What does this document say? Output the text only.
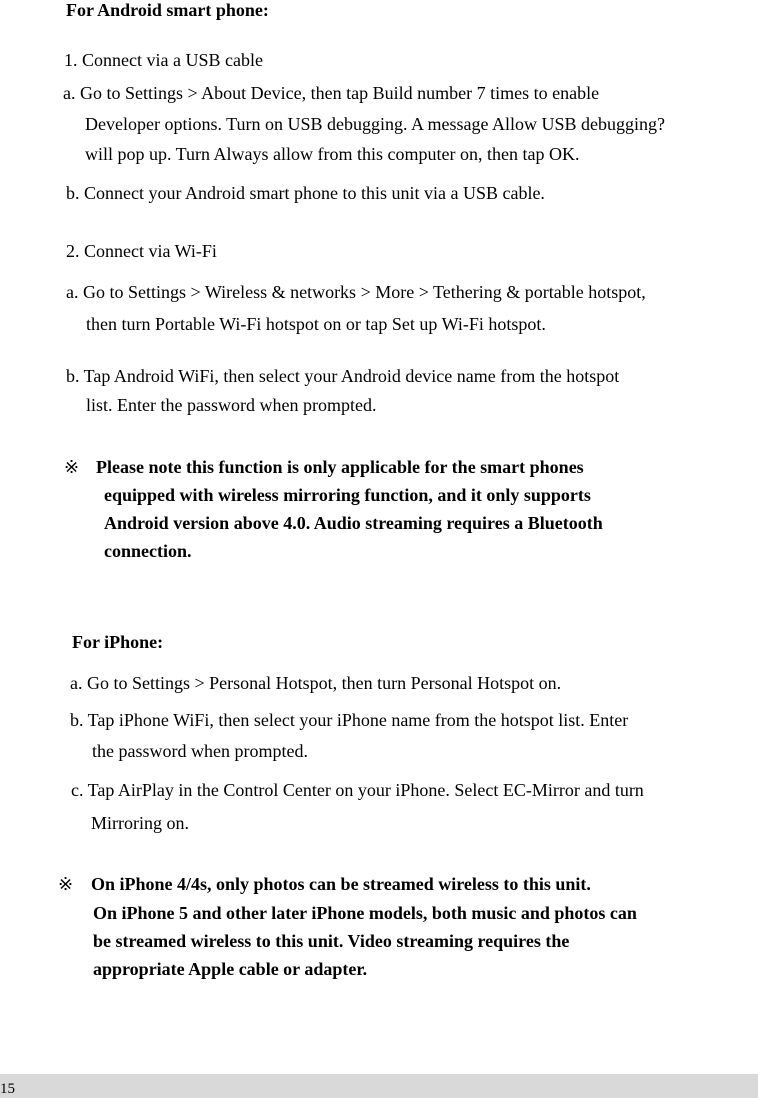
For Android smart phone:
1. Connect via a USB cable
a. Go to Settings > About Device, then tap Build number 7 times to enable
Developer options. Turn on USB debugging. A message Allow USB debugging?
will pop up. Turn Always allow from this computer on, then tap OK.
b. Connect your Android smart phone to this unit via a USB cable.
2. Connect via Wi-Fi
a. Go to Settings > Wireless & networks > More > Tethering & portable hotspot,
then turn Portable Wi-Fi hotspot on or tap Set up Wi-Fi hotspot.
b. Tap Android WiFi, then select your Android device name from the hotspot
list. Enter the password when prompted.
※ Please note this function is only applicable for the smart phones
equipped with wireless mirroring function, and it only supports
Android version above 4.0. Audio streaming requires a Bluetooth
connection.
For iPhone:
a. Go to Settings > Personal Hotspot, then turn Personal Hotspot on.
b. Tap iPhone WiFi, then select your iPhone name from the hotspot list. Enter
the password when prompted.
c. Tap AirPlay in the Control Center on your iPhone. Select EC-Mirror and turn
Mirroring on.
※ On iPhone 4/4s, only photos can be streamed wireless to this unit.
On iPhone 5 and other later iPhone models, both music and photos can
be streamed wireless to this unit. Video streaming requires the
appropriate Apple cable or adapter.
15
